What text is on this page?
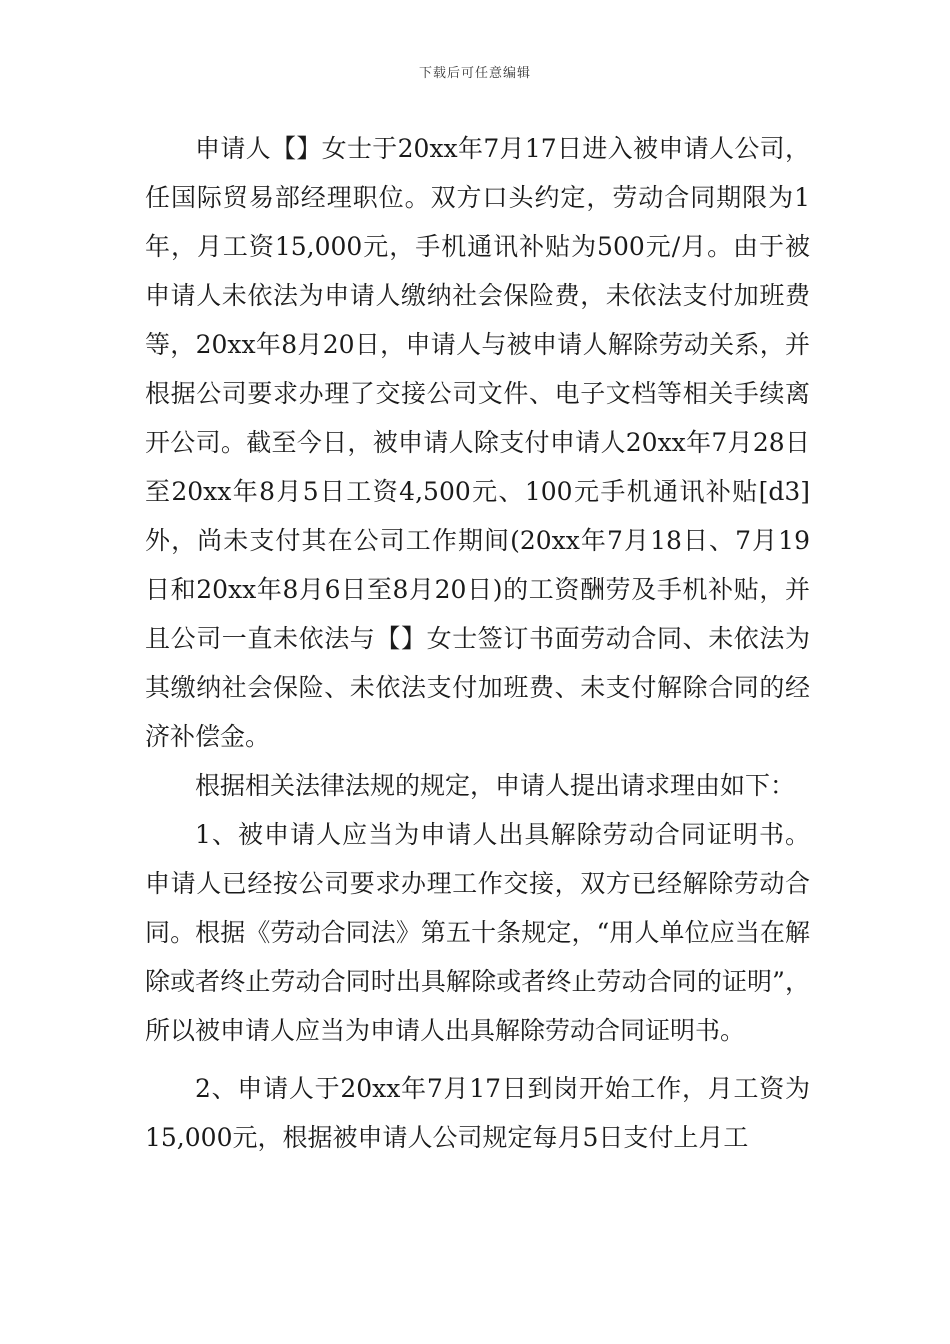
下载后可任意编辑

申请人【】女士于20xx年7月17日进入被申请人公司，任国际贸易部经理职位。双方口头约定，劳动合同期限为1年，月工资15,000元，手机通讯补贴为500元/月。由于被申请人未依法为申请人缴纳社会保险费，未依法支付加班费等，20xx年8月20日，申请人与被申请人解除劳动关系，并根据公司要求办理了交接公司文件、电子文档等相关手续离开公司。截至今日，被申请人除支付申请人20xx年7月28日至20xx年8月5日工资4,500元、100元手机通讯补贴[d3] 外，尚未支付其在公司工作期间(20xx年7月18日、7月19日和20xx年8月6日至8月20日)的工资酬劳及手机补贴，并且公司一直未依法与【】女士签订书面劳动合同、未依法为其缴纳社会保险、未依法支付加班费、未支付解除合同的经济补偿金。

根据相关法律法规的规定，申请人提出请求理由如下：

1、被申请人应当为申请人出具解除劳动合同证明书。申请人已经按公司要求办理工作交接，双方已经解除劳动合同。根据《劳动合同法》第五十条规定，“用人单位应当在解除或者终止劳动合同时出具解除或者终止劳动合同的证明”，所以被申请人应当为申请人出具解除劳动合同证明书。

2、申请人于20xx年7月17日到岗开始工作，月工资为15,000元，根据被申请人公司规定每月5日支付上月工
